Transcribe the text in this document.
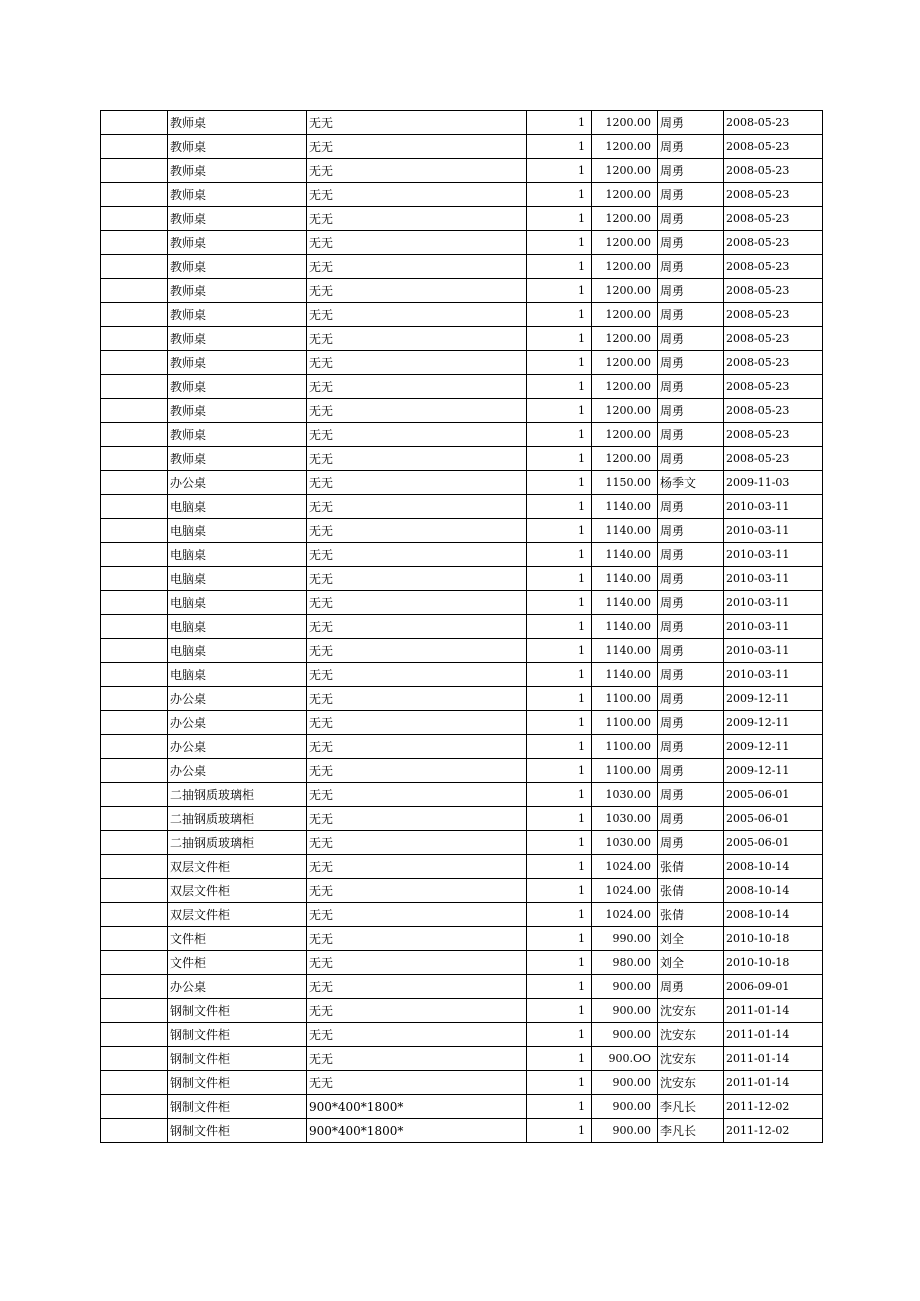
	教师桌	无无	1	1200.00	周勇	2008-05-23
	教师桌	无无	1	1200.00	周勇	2008-05-23
	教师桌	无无	1	1200.00	周勇	2008-05-23
	教师桌	无无	1	1200.00	周勇	2008-05-23
	教师桌	无无	1	1200.00	周勇	2008-05-23
	教师桌	无无	1	1200.00	周勇	2008-05-23
	教师桌	无无	1	1200.00	周勇	2008-05-23
	教师桌	无无	1	1200.00	周勇	2008-05-23
	教师桌	无无	1	1200.00	周勇	2008-05-23
	教师桌	无无	1	1200.00	周勇	2008-05-23
	教师桌	无无	1	1200.00	周勇	2008-05-23
	教师桌	无无	1	1200.00	周勇	2008-05-23
	教师桌	无无	1	1200.00	周勇	2008-05-23
	教师桌	无无	1	1200.00	周勇	2008-05-23
	教师桌	无无	1	1200.00	周勇	2008-05-23
	办公桌	无无	1	1150.00	杨季文	2009-11-03
	电脑桌	无无	1	1140.00	周勇	2010-03-11
	电脑桌	无无	1	1140.00	周勇	2010-03-11
	电脑桌	无无	1	1140.00	周勇	2010-03-11
	电脑桌	无无	1	1140.00	周勇	2010-03-11
	电脑桌	无无	1	1140.00	周勇	2010-03-11
	电脑桌	无无	1	1140.00	周勇	2010-03-11
	电脑桌	无无	1	1140.00	周勇	2010-03-11
	电脑桌	无无	1	1140.00	周勇	2010-03-11
	办公桌	无无	1	1100.00	周勇	2009-12-11
	办公桌	无无	1	1100.00	周勇	2009-12-11
	办公桌	无无	1	1100.00	周勇	2009-12-11
	办公桌	无无	1	1100.00	周勇	2009-12-11
	二抽钢质玻璃柜	无无	1	1030.00	周勇	2005-06-01
	二抽钢质玻璃柜	无无	1	1030.00	周勇	2005-06-01
	二抽钢质玻璃柜	无无	1	1030.00	周勇	2005-06-01
	双层文件柜	无无	1	1024.00	张倩	2008-10-14
	双层文件柜	无无	1	1024.00	张倩	2008-10-14
	双层文件柜	无无	1	1024.00	张倩	2008-10-14
	文件柜	无无	1	990.00	刘全	2010-10-18
	文件柜	无无	1	980.00	刘全	2010-10-18
	办公桌	无无	1	900.00	周勇	2006-09-01
	钢制文件柜	无无	1	900.00	沈安东	2011-01-14
	钢制文件柜	无无	1	900.00	沈安东	2011-01-14
	钢制文件柜	无无	1	900.OO	沈安东	2011-01-14
	钢制文件柜	无无	1	900.00	沈安东	2011-01-14
	钢制文件柜	900*400*1800*	1	900.00	李凡长	2011-12-02
	钢制文件柜	900*400*1800*	1	900.00	李凡长	2011-12-02
